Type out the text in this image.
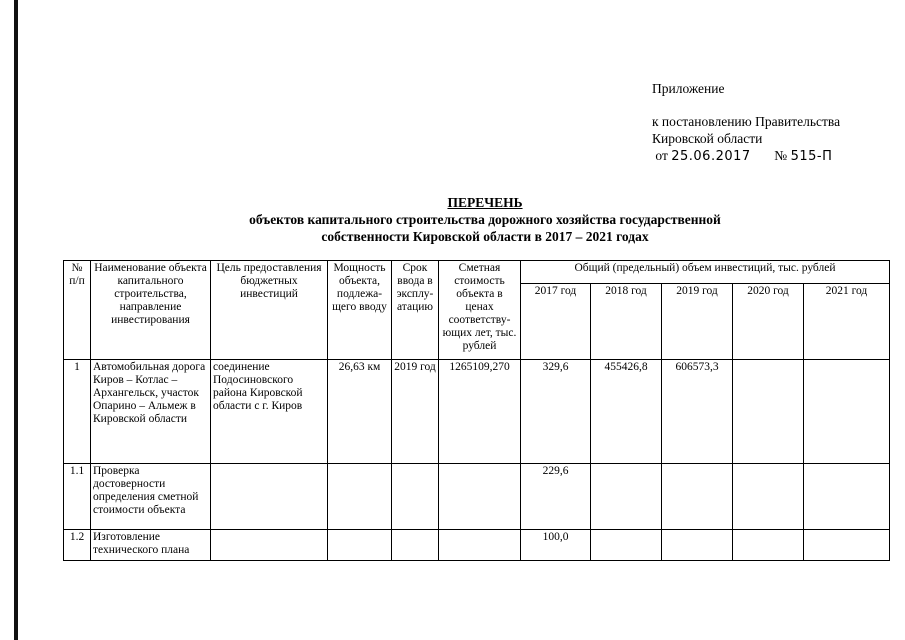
Приложение
к постановлению Правительства
Кировской области
от 25.06.2017 № 515-П
ПЕРЕЧЕНЬ
объектов капитального строительства дорожного хозяйства государственной
собственности Кировской области в 2017 – 2021 годах
№ п/п	Наименование объекта капитального строительства, направление инвестирования	Цель предоставления бюджетных инвестиций	Мощность объекта, подлежа-щего вводу	Срок ввода в эксплу-атацию	Сметная стоимость объекта в ценах соответству-ющих лет, тыс. рублей	Общий (предельный) объем инвестиций, тыс. рублей				
						2017 год	2018 год	2019 год	2020 год	2021 год
1	Автомобильная дорога Киров – Котлас – Архангельск, участок Опарино – Альмеж в Кировской области	соединение Подосиновского района Кировской области с г. Киров	26,63 км	2019 год	1265109,270	329,6	455426,8	606573,3		
1.1	Проверка достоверности определения сметной стоимости объекта					229,6				
1.2	Изготовление технического плана					100,0				
